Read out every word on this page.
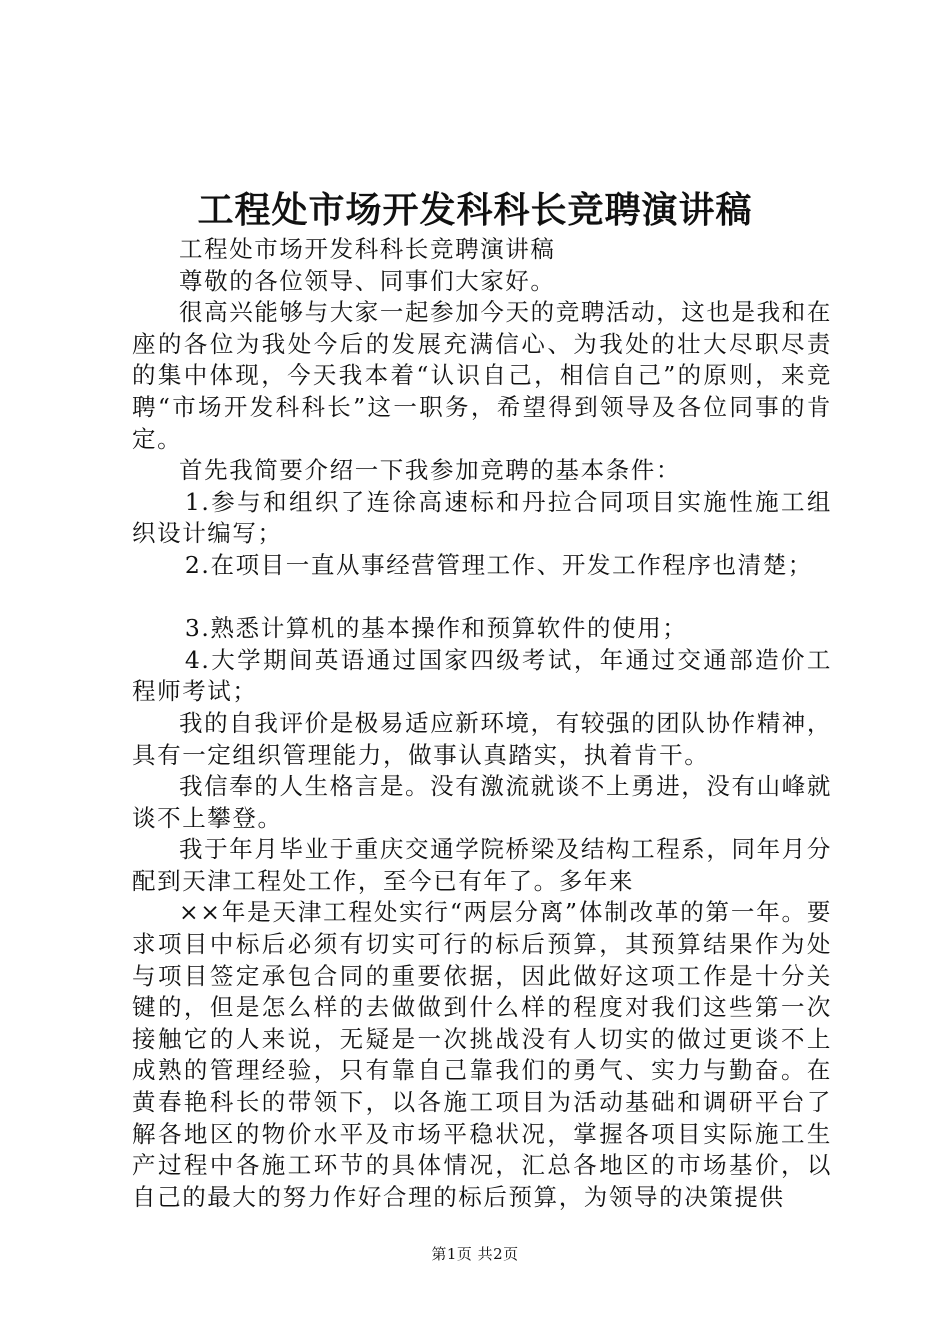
工程处市场开发科科长竞聘演讲稿

工程处市场开发科科长竞聘演讲稿

尊敬的各位领导、同事们大家好。

很高兴能够与大家一起参加今天的竞聘活动，这也是我和在座的各位为我处今后的发展充满信心、为我处的壮大尽职尽责的集中体现，今天我本着“认识自己，相信自己”的原则，来竞聘“市场开发科科长”这一职务，希望得到领导及各位同事的肯定。

首先我简要介绍一下我参加竞聘的基本条件：

1.参与和组织了连徐高速标和丹拉合同项目实施性施工组织设计编写；

2.在项目一直从事经营管理工作、开发工作程序也清楚；

3.熟悉计算机的基本操作和预算软件的使用；

4.大学期间英语通过国家四级考试，年通过交通部造价工程师考试；

我的自我评价是极易适应新环境，有较强的团队协作精神，具有一定组织管理能力，做事认真踏实，执着肯干。

我信奉的人生格言是。没有激流就谈不上勇进，没有山峰就谈不上攀登。

我于年月毕业于重庆交通学院桥梁及结构工程系，同年月分配到天津工程处工作，至今已有年了。多年来

××年是天津工程处实行“两层分离”体制改革的第一年。要求项目中标后必须有切实可行的标后预算，其预算结果作为处与项目签定承包合同的重要依据，因此做好这项工作是十分关键的，但是怎么样的去做做到什么样的程度对我们这些第一次接触它的人来说，无疑是一次挑战没有人切实的做过更谈不上成熟的管理经验，只有靠自己靠我们的勇气、实力与勤奋。在黄春艳科长的带领下，以各施工项目为活动基础和调研平台了解各地区的物价水平及市场平稳状况，掌握各项目实际施工生产过程中各施工环节的具体情况，汇总各地区的市场基价，以自己的最大的努力作好合理的标后预算，为领导的决策提供

第1页 共2页
